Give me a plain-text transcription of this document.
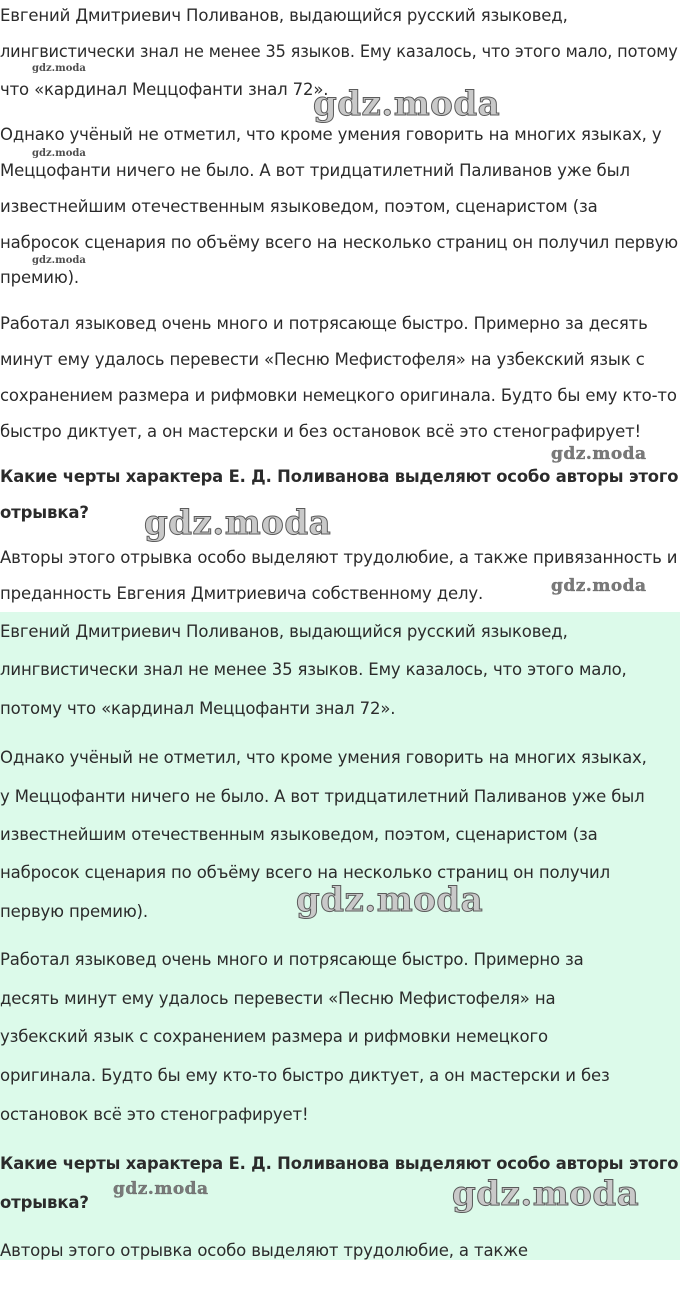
Евгений Дмитриевич Поливанов, выдающийся русский языковед,
лингвистически знал не менее 35 языков. Ему казалось, что этого мало, потому
что «кардинал Меццофанти знал 72».
Однако учёный не отметил, что кроме умения говорить на многих языках, у
Меццофанти ничего не было. А вот тридцатилетний Паливанов уже был
известнейшим отечественным языковедом, поэтом, сценаристом (за
набросок сценария по объёму всего на несколько страниц он получил первую
премию).
Работал языковед очень много и потрясающе быстро. Примерно за десять
минут ему удалось перевести «Песню Мефистофеля» на узбекский язык с
сохранением размера и рифмовки немецкого оригинала. Будто бы ему кто-то
быстро диктует, а он мастерски и без остановок всё это стенографирует!
Какие черты характера Е. Д. Поливанова выделяют особо авторы этого
отрывка?
Авторы этого отрывка особо выделяют трудолюбие, а также привязанность и
преданность Евгения Дмитриевича собственному делу.
Евгений Дмитриевич Поливанов, выдающийся русский языковед,
лингвистически знал не менее 35 языков. Ему казалось, что этого мало,
потому что «кардинал Меццофанти знал 72».
Однако учёный не отметил, что кроме умения говорить на многих языках,
у Меццофанти ничего не было. А вот тридцатилетний Паливанов уже был
известнейшим отечественным языковедом, поэтом, сценаристом (за
набросок сценария по объёму всего на несколько страниц он получил
первую премию).
Работал языковед очень много и потрясающе быстро. Примерно за
десять минут ему удалось перевести «Песню Мефистофеля» на
узбекский язык с сохранением размера и рифмовки немецкого
оригинала. Будто бы ему кто-то быстро диктует, а он мастерски и без
остановок всё это стенографирует!
Какие черты характера Е. Д. Поливанова выделяют особо авторы этого
отрывка?
Авторы этого отрывка особо выделяют трудолюбие, а также
gdz.moda
gdz.moda
gdz.moda
gdz.moda
gdz.moda
gdz.moda
gdz.moda
gdz.moda
gdz.moda	gdz.moda
